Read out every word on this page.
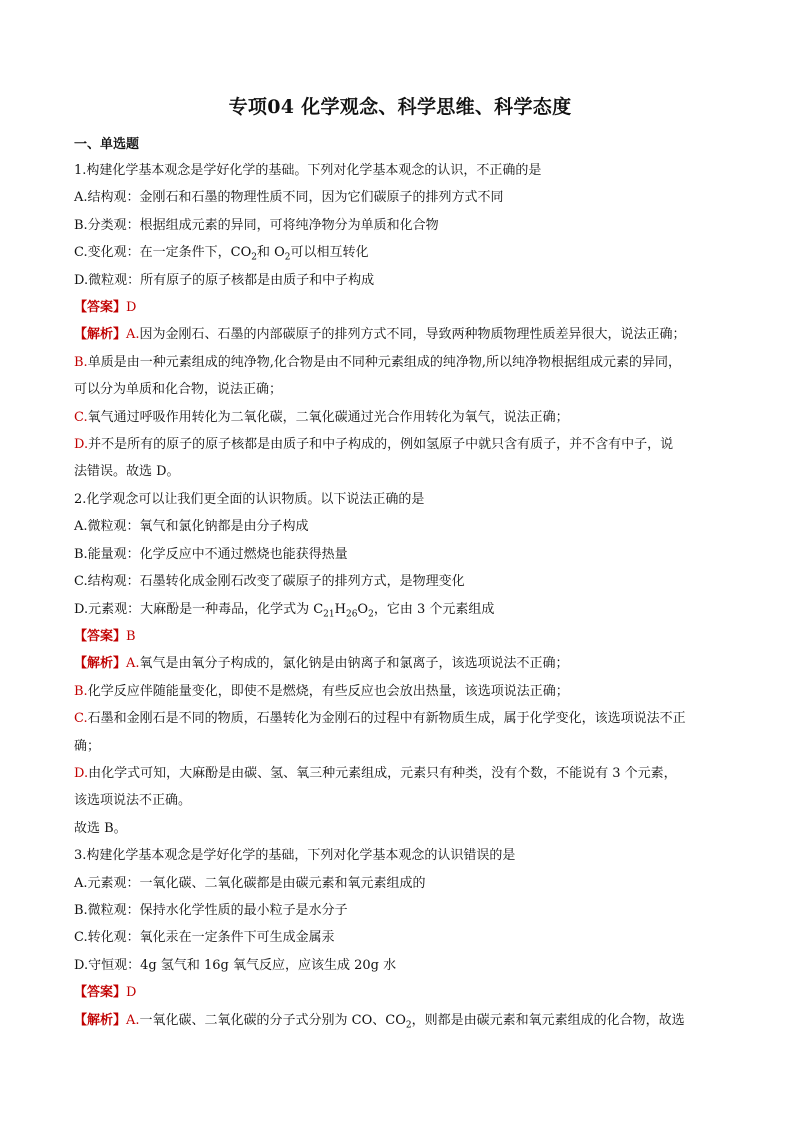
专项04 化学观念、科学思维、科学态度
一、单选题
1.构建化学基本观念是学好化学的基础。下列对化学基本观念的认识，不正确的是
A.结构观：金刚石和石墨的物理性质不同，因为它们碳原子的排列方式不同
B.分类观：根据组成元素的异同，可将纯净物分为单质和化合物
C.变化观：在一定条件下，$CO_2$和 $O_2$可以相互转化
D.微粒观：所有原子的原子核都是由质子和中子构成
【答案】D
【解析】A.因为金刚石、石墨的内部碳原子的排列方式不同，导致两种物质物理性质差异很大，说法正确；
B.单质是由一种元素组成的纯净物,化合物是由不同种元素组成的纯净物,所以纯净物根据组成元素的异同，
可以分为单质和化合物，说法正确；
C.氧气通过呼吸作用转化为二氧化碳，二氧化碳通过光合作用转化为氧气，说法正确；
D.并不是所有的原子的原子核都是由质子和中子构成的，例如氢原子中就只含有质子，并不含有中子，说
法错误。故选 D。
2.化学观念可以让我们更全面的认识物质。以下说法正确的是
A.微粒观：氧气和氯化钠都是由分子构成
B.能量观：化学反应中不通过燃烧也能获得热量
C.结构观：石墨转化成金刚石改变了碳原子的排列方式，是物理变化
D.元素观：大麻酚是一种毒品，化学式为 $C_{21}H_{26}O_2$，它由 3 个元素组成
【答案】B
【解析】A.氧气是由氧分子构成的，氯化钠是由钠离子和氯离子，该选项说法不正确；
B.化学反应伴随能量变化，即使不是燃烧，有些反应也会放出热量，该选项说法正确；
C.石墨和金刚石是不同的物质，石墨转化为金刚石的过程中有新物质生成，属于化学变化，该选项说法不正
确；
D.由化学式可知，大麻酚是由碳、氢、氧三种元素组成，元素只有种类，没有个数，不能说有 3 个元素，
该选项说法不正确。
故选 B。
3.构建化学基本观念是学好化学的基础，下列对化学基本观念的认识错误的是
A.元素观：一氧化碳、二氧化碳都是由碳元素和氧元素组成的
B.微粒观：保持水化学性质的最小粒子是水分子
C.转化观：氧化汞在一定条件下可生成金属汞
D.守恒观：4g 氢气和 16g 氧气反应，应该生成 20g 水
【答案】D
【解析】A.一氧化碳、二氧化碳的分子式分别为 CO、$CO_2$，则都是由碳元素和氧元素组成的化合物，故选
